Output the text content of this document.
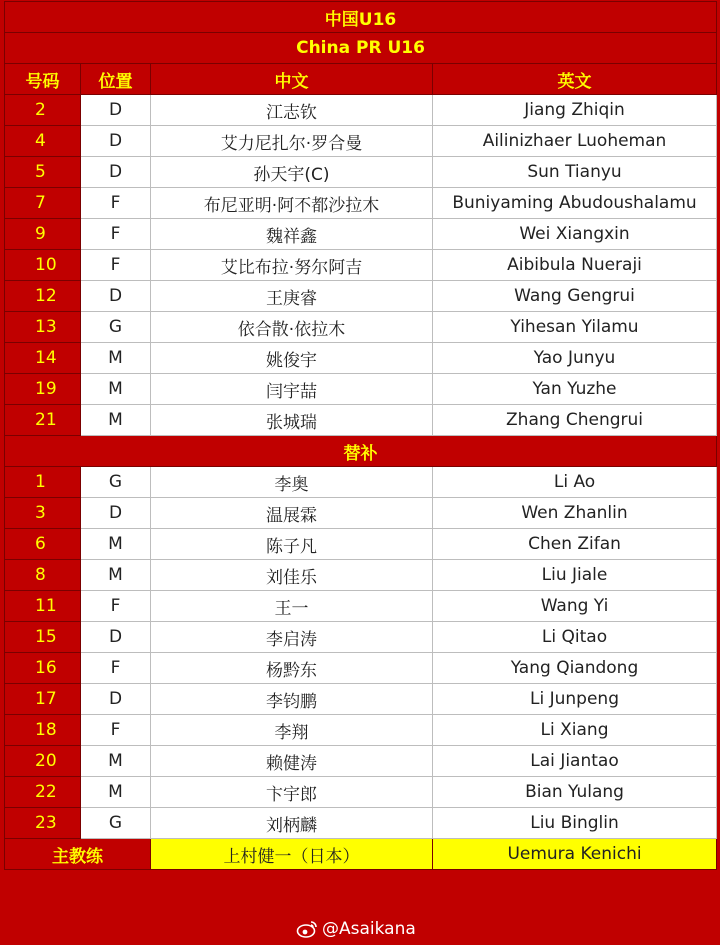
中国U16			
China PR U16			
号码	位置	中文	英文
2	D	江志钦	Jiang Zhiqin
4	D	艾力尼扎尔·罗合曼	Ailinizhaer Luoheman
5	D	孙天宇(C)	Sun Tianyu
7	F	布尼亚明·阿不都沙拉木	Buniyaming Abudoushalamu
9	F	魏祥鑫	Wei Xiangxin
10	F	艾比布拉·努尔阿吉	Aibibula Nueraji
12	D	王庚睿	Wang Gengrui
13	G	依合散·依拉木	Yihesan Yilamu
14	M	姚俊宇	Yao Junyu
19	M	闫宇喆	Yan Yuzhe
21	M	张城瑞	Zhang Chengrui
替补			
1	G	李奥	Li Ao
3	D	温展霖	Wen Zhanlin
6	M	陈子凡	Chen Zifan
8	M	刘佳乐	Liu Jiale
11	F	王一	Wang Yi
15	D	李启涛	Li Qitao
16	F	杨黔东	Yang Qiandong
17	D	李钧鹏	Li Junpeng
18	F	李翔	Li Xiang
20	M	赖健涛	Lai Jiantao
22	M	卞宇郎	Bian Yulang
23	G	刘柄麟	Liu Binglin
主教练		上村健一（日本）	Uemura Kenichi
@Asaikana
